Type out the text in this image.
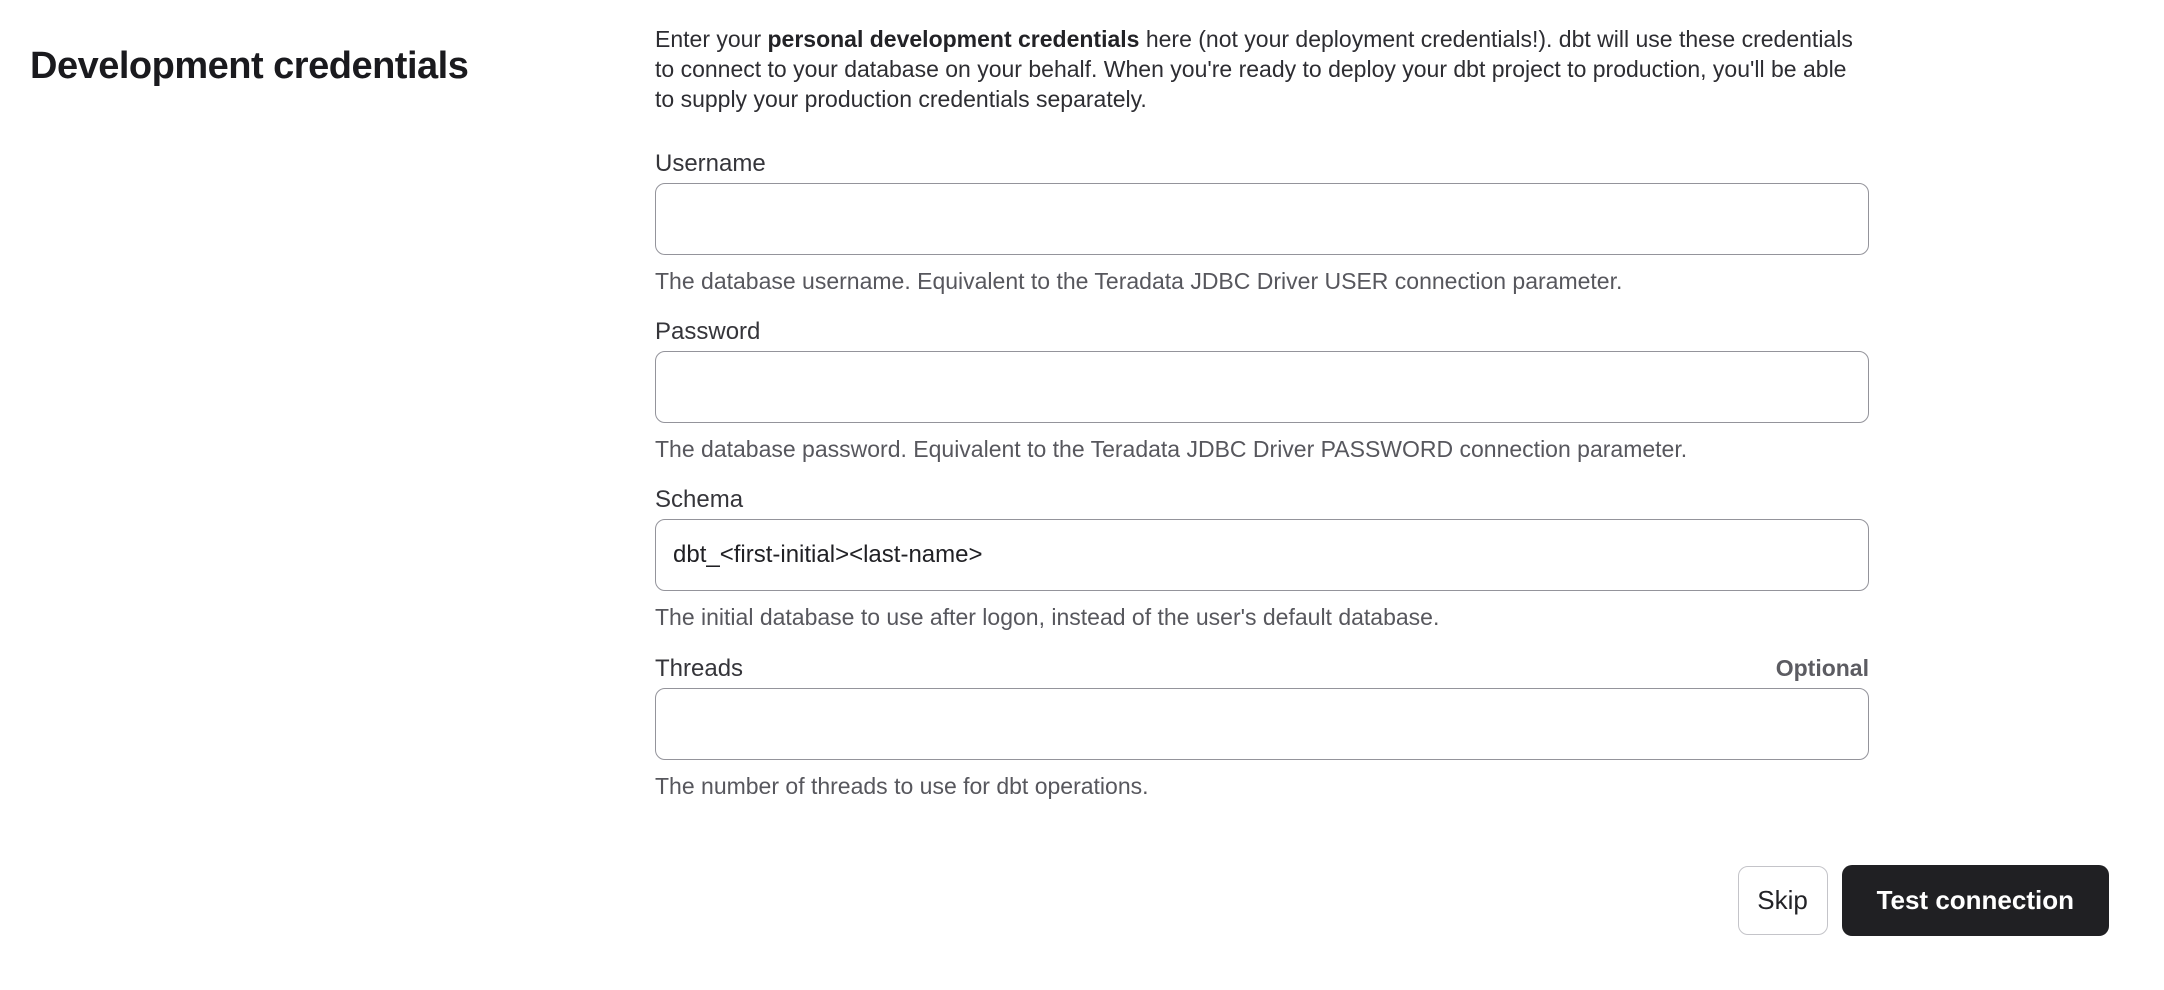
Development credentials

Enter your personal development credentials here (not your deployment credentials!). dbt will use these credentials to connect to your database on your behalf. When you're ready to deploy your dbt project to production, you'll be able to supply your production credentials separately.

Username
The database username. Equivalent to the Teradata JDBC Driver USER connection parameter.
Password
The database password. Equivalent to the Teradata JDBC Driver PASSWORD connection parameter.
Schema
dbt_<first-initial><last-name>
The initial database to use after logon, instead of the user's default database.
Threads	Optional
The number of threads to use for dbt operations.
Skip	Test connection
